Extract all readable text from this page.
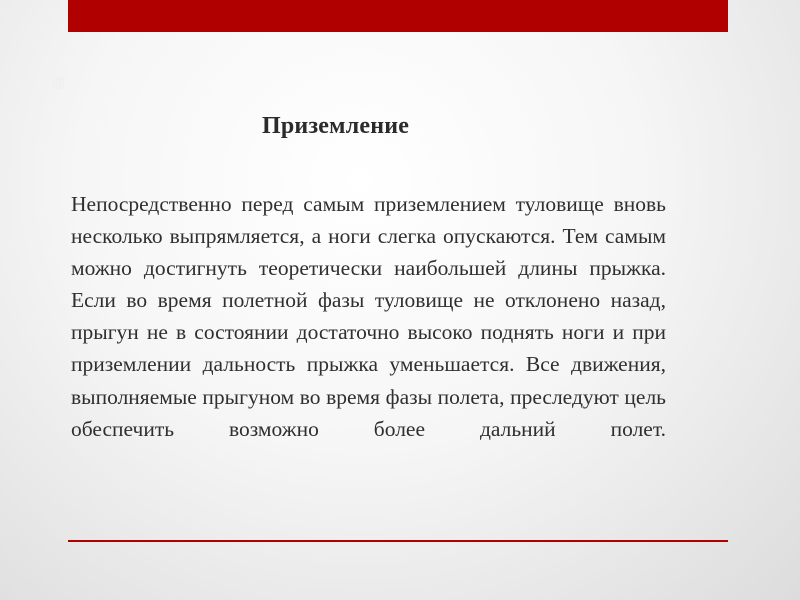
п
Приземление

Непосредственно перед самым приземлением туловище вновь несколько выпрямляется, а ноги слегка опускаются. Тем самым можно достигнуть теоретически наибольшей длины прыжка. Если во время полетной фазы туловище не отклонено назад, прыгун не в состоянии достаточно высоко поднять ноги и при приземлении дальность прыжка уменьшается. Все движения, выполняемые прыгуном во время фазы полета, преследуют цель обеспечить возможно более дальний полет.
